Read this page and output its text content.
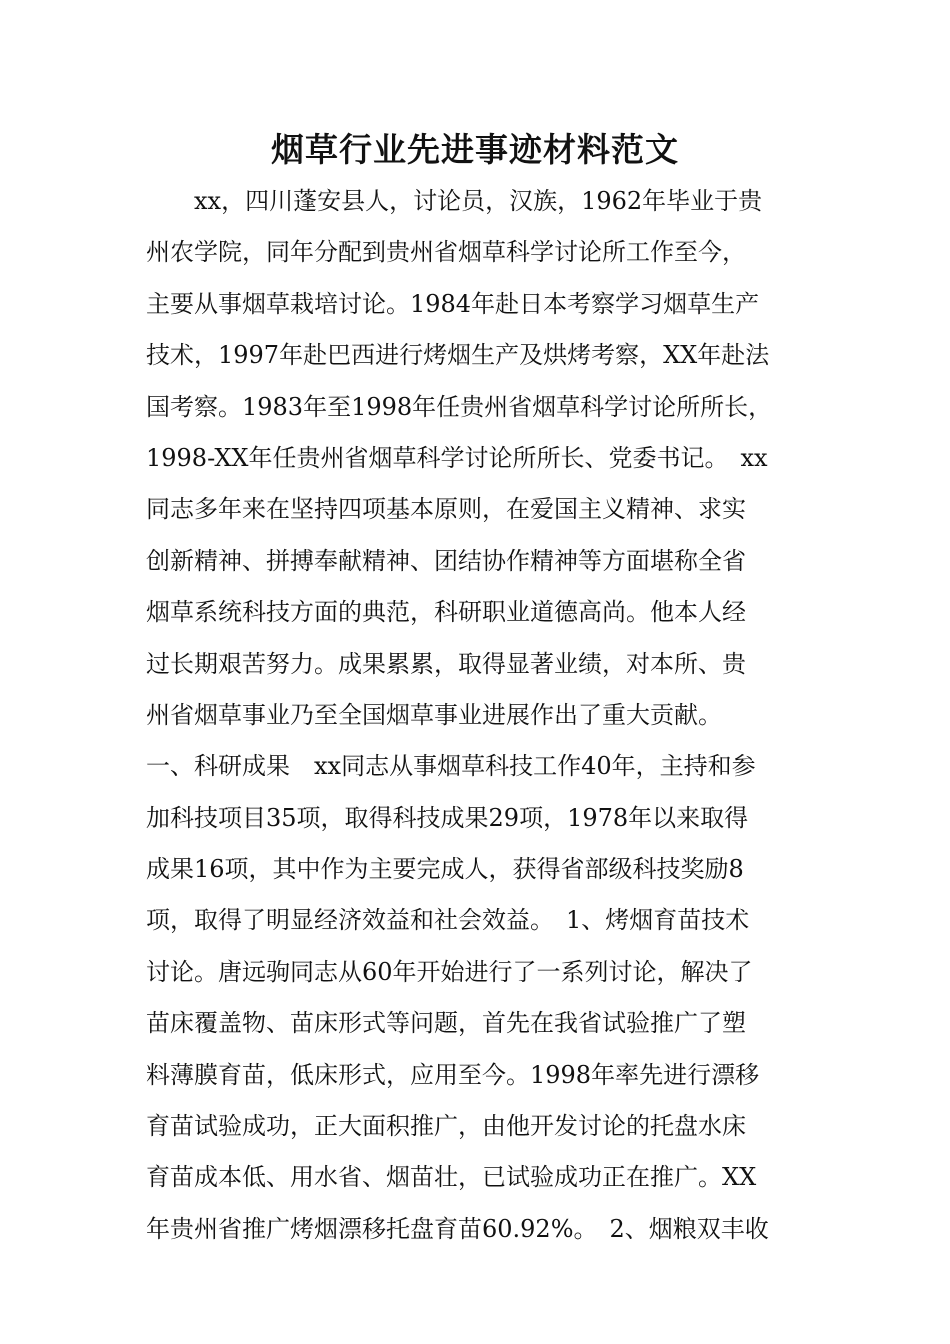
烟草行业先进事迹材料范文
xx，四川蓬安县人，讨论员，汉族，1962年毕业于贵
州农学院，同年分配到贵州省烟草科学讨论所工作至今，
主要从事烟草栽培讨论。1984年赴日本考察学习烟草生产
技术，1997年赴巴西进行烤烟生产及烘烤考察，XX年赴法
国考察。1983年至1998年任贵州省烟草科学讨论所所长，
1998-XX年任贵州省烟草科学讨论所所长、党委书记。　xx
同志多年来在坚持四项基本原则，在爱国主义精神、求实
创新精神、拼搏奉献精神、团结协作精神等方面堪称全省
烟草系统科技方面的典范，科研职业道德高尚。他本人经
过长期艰苦努力。成果累累，取得显著业绩，对本所、贵
州省烟草事业乃至全国烟草事业进展作出了重大贡献。
一、科研成果　xx同志从事烟草科技工作40年，主持和参
加科技项目35项，取得科技成果29项，1978年以来取得
成果16项，其中作为主要完成人，获得省部级科技奖励8
项，取得了明显经济效益和社会效益。　1、烤烟育苗技术
讨论。唐远驹同志从60年开始进行了一系列讨论，解决了
苗床覆盖物、苗床形式等问题，首先在我省试验推广了塑
料薄膜育苗，低床形式，应用至今。1998年率先进行漂移
育苗试验成功，正大面积推广，由他开发讨论的托盘水床
育苗成本低、用水省、烟苗壮，已试验成功正在推广。XX
年贵州省推广烤烟漂移托盘育苗60.92%。　2、烟粮双丰收
